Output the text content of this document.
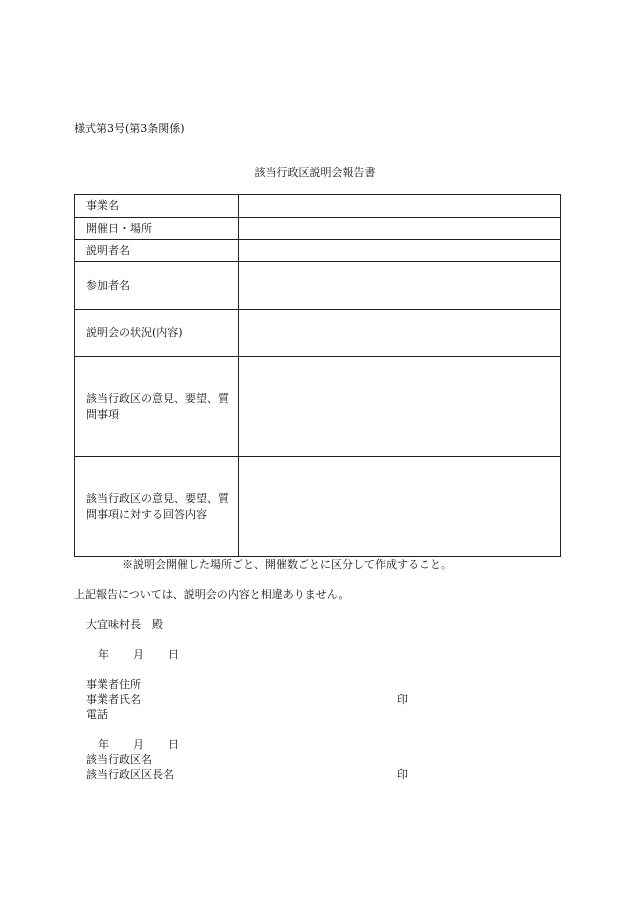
様式第3号(第3条関係)
該当行政区説明会報告書
事業名	
開催日・場所	
説明者名	
参加者名	
説明会の状況(内容)	
該当行政区の意見、要望、質問事項	
該当行政区の意見、要望、質問事項に対する回答内容	
※説明会開催した場所ごと、開催数ごとに区分して作成すること。
上記報告については、説明会の内容と相違ありません。
大宜味村長　殿
年 月 日
事業者住所
事業者氏名	印
電話
年 月 日
該当行政区名
該当行政区区長名	印
